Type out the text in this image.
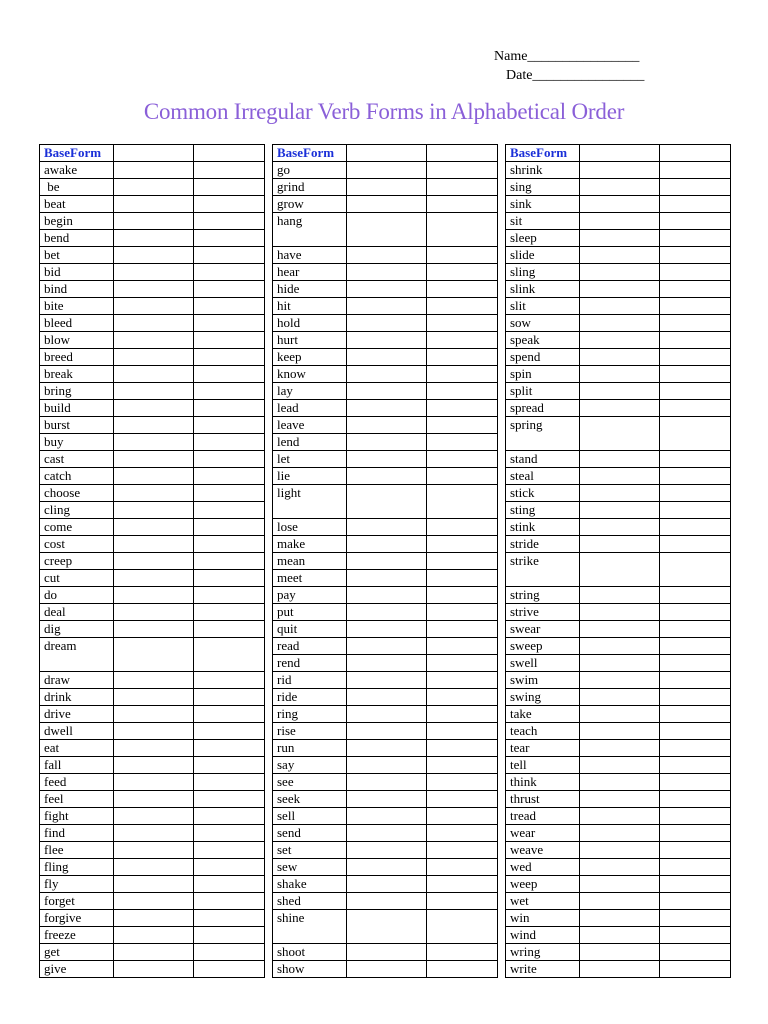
Name________________
Date________________
Common Irregular Verb Forms in Alphabetical Order
BaseForm		
awake		
be		
beat		
begin		
bend		
bet		
bid		
bind		
bite		
bleed		
blow		
breed		
break		
bring		
build		
burst		
buy		
cast		
catch		
choose		
cling		
come		
cost		
creep		
cut		
do		
deal		
dig		
dream		
draw		
drink		
drive		
dwell		
eat		
fall		
feed		
feel		
fight		
find		
flee		
fling		
fly		
forget		
forgive		
freeze		
get		
give		
BaseForm		
go		
grind		
grow		
hang		
have		
hear		
hide		
hit		
hold		
hurt		
keep		
know		
lay		
lead		
leave		
lend		
let		
lie		
light		
lose		
make		
mean		
meet		
pay		
put		
quit		
read		
rend		
rid		
ride		
ring		
rise		
run		
say		
see		
seek		
sell		
send		
set		
sew		
shake		
shed		
shine		
shoot		
show		
BaseForm		
shrink		
sing		
sink		
sit		
sleep		
slide		
sling		
slink		
slit		
sow		
speak		
spend		
spin		
split		
spread		
spring		
stand		
steal		
stick		
sting		
stink		
stride		
strike		
string		
strive		
swear		
sweep		
swell		
swim		
swing		
take		
teach		
tear		
tell		
think		
thrust		
tread		
wear		
weave		
wed		
weep		
wet		
win		
wind		
wring		
write		
